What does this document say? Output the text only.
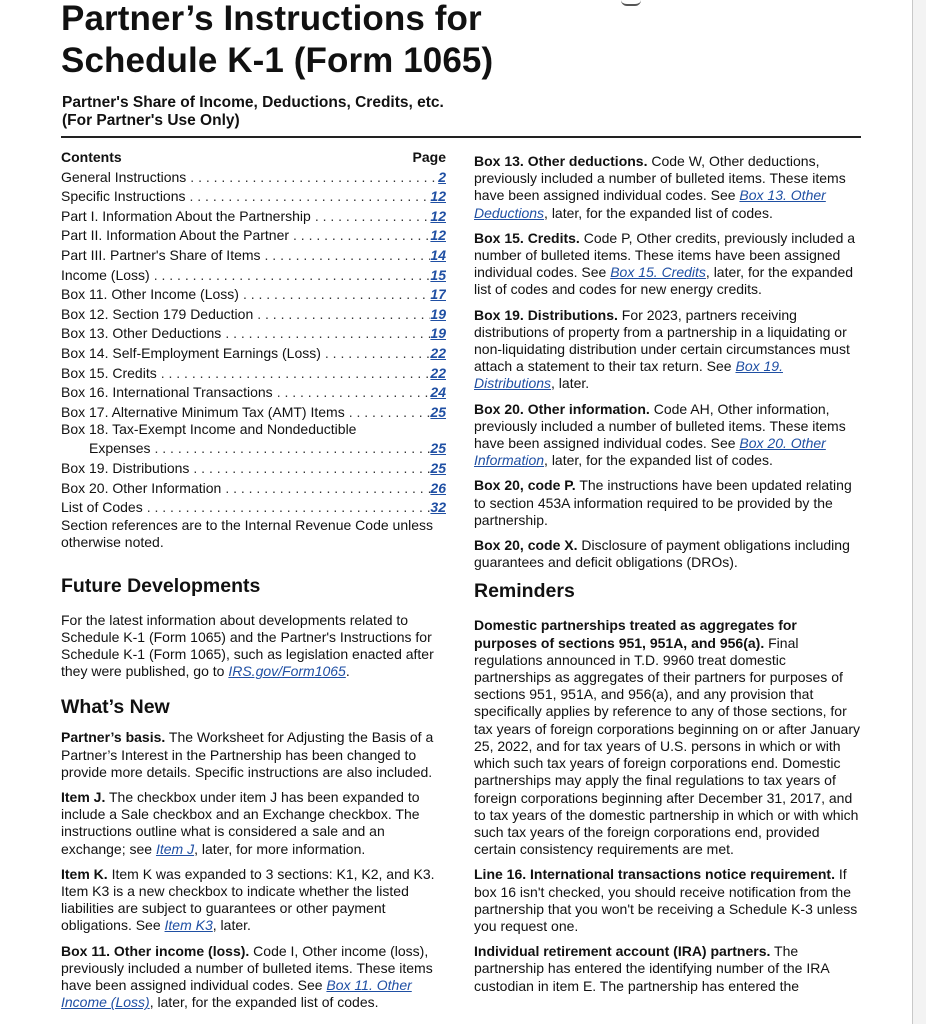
Partner’s Instructions for
Schedule K-1 (Form 1065)
Partner's Share of Income, Deductions, Credits, etc.
(For Partner's Use Only)
Contents	Page
General Instructions . . .	2
Specific Instructions . . .	12
Part I. Information About the Partnership . . .	12
Part II. Information About the Partner . . .	12
Part III. Partner's Share of Items . . .	14
Income (Loss) . . .	15
Box 11. Other Income (Loss) . . .	17
Box 12. Section 179 Deduction . . .	19
Box 13. Other Deductions . . .	19
Box 14. Self-Employment Earnings (Loss) . . .	22
Box 15. Credits . . .	22
Box 16. International Transactions . . .	24
Box 17. Alternative Minimum Tax (AMT) Items . . .	25
Box 18. Tax-Exempt Income and Nondeductible
Expenses . . .	25
Box 19. Distributions . . .	25
Box 20. Other Information . . .	26
List of Codes . . .	32

Section references are to the Internal Revenue Code unless otherwise noted.

Future Developments

For the latest information about developments related to Schedule K-1 (Form 1065) and the Partner's Instructions for Schedule K-1 (Form 1065), such as legislation enacted after they were published, go to IRS.gov/Form1065.

What’s New

Partner’s basis. The Worksheet for Adjusting the Basis of a Partner’s Interest in the Partnership has been changed to provide more details. Specific instructions are also included.

Item J. The checkbox under item J has been expanded to include a Sale checkbox and an Exchange checkbox. The instructions outline what is considered a sale and an exchange; see Item J, later, for more information.

Item K. Item K was expanded to 3 sections: K1, K2, and K3. Item K3 is a new checkbox to indicate whether the listed liabilities are subject to guarantees or other payment obligations. See Item K3, later.

Box 11. Other income (loss). Code I, Other income (loss), previously included a number of bulleted items. These items have been assigned individual codes. See Box 11. Other Income (Loss), later, for the expanded list of codes.

Box 13. Other deductions. Code W, Other deductions, previously included a number of bulleted items. These items have been assigned individual codes. See Box 13. Other Deductions, later, for the expanded list of codes.

Box 15. Credits. Code P, Other credits, previously included a number of bulleted items. These items have been assigned individual codes. See Box 15. Credits, later, for the expanded list of codes and codes for new energy credits.

Box 19. Distributions. For 2023, partners receiving distributions of property from a partnership in a liquidating or non-liquidating distribution under certain circumstances must attach a statement to their tax return. See Box 19. Distributions, later.

Box 20. Other information. Code AH, Other information, previously included a number of bulleted items. These items have been assigned individual codes. See Box 20. Other Information, later, for the expanded list of codes.

Box 20, code P. The instructions have been updated relating to section 453A information required to be provided by the partnership.

Box 20, code X. Disclosure of payment obligations including guarantees and deficit obligations (DROs).

Reminders

Domestic partnerships treated as aggregates for purposes of sections 951, 951A, and 956(a). Final regulations announced in T.D. 9960 treat domestic partnerships as aggregates of their partners for purposes of sections 951, 951A, and 956(a), and any provision that specifically applies by reference to any of those sections, for tax years of foreign corporations beginning on or after January 25, 2022, and for tax years of U.S. persons in which or with which such tax years of foreign corporations end. Domestic partnerships may apply the final regulations to tax years of foreign corporations beginning after December 31, 2017, and to tax years of the domestic partnership in which or with which such tax years of the foreign corporations end, provided certain consistency requirements are met.

Line 16. International transactions notice requirement. If box 16 isn't checked, you should receive notification from the partnership that you won't be receiving a Schedule K-3 unless you request one.

Individual retirement account (IRA) partners. The partnership has entered the identifying number of the IRA custodian in item E. The partnership has entered the
